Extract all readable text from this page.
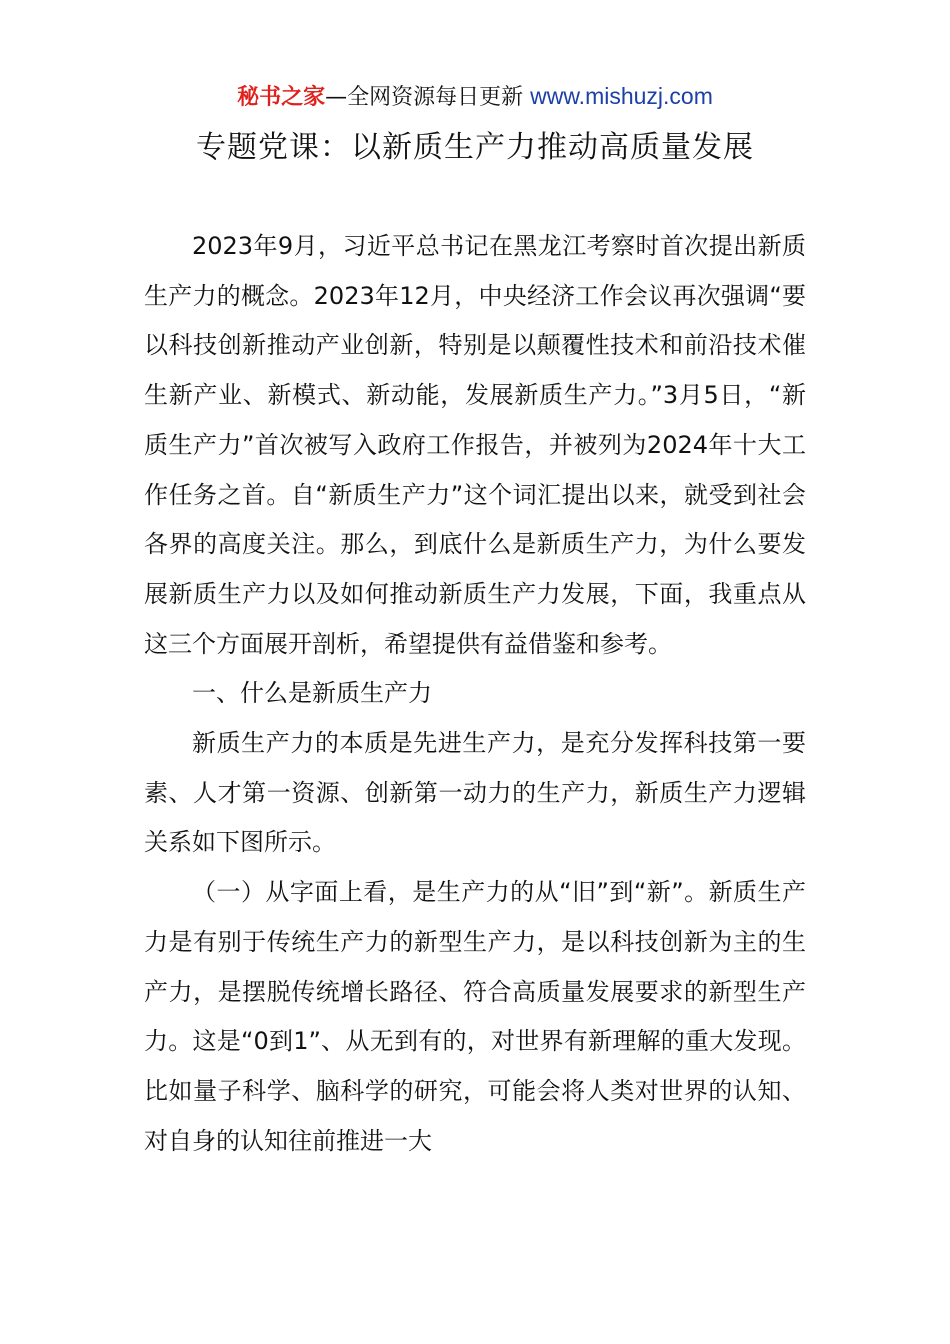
秘书之家—全网资源每日更新 www.mishuzj.com
专题党课：以新质生产力推动高质量发展

2023年9月，习近平总书记在黑龙江考察时首次提出新质生产力的概念。2023年12月，中央经济工作会议再次强调“要以科技创新推动产业创新，特别是以颠覆性技术和前沿技术催生新产业、新模式、新动能，发展新质生产力。”3月5日，“新质生产力”首次被写入政府工作报告，并被列为2024年十大工作任务之首。自“新质生产力”这个词汇提出以来，就受到社会各界的高度关注。那么，到底什么是新质生产力，为什么要发展新质生产力以及如何推动新质生产力发展，下面，我重点从这三个方面展开剖析，希望提供有益借鉴和参考。

一、什么是新质生产力

新质生产力的本质是先进生产力，是充分发挥科技第一要素、人才第一资源、创新第一动力的生产力，新质生产力逻辑关系如下图所示。

（一）从字面上看，是生产力的从“旧”到“新”。新质生产力是有别于传统生产力的新型生产力，是以科技创新为主的生产力，是摆脱传统增长路径、符合高质量发展要求的新型生产力。这是“0到1”、从无到有的，对世界有新理解的重大发现。比如量子科学、脑科学的研究，可能会将人类对世界的认知、对自身的认知往前推进一大
